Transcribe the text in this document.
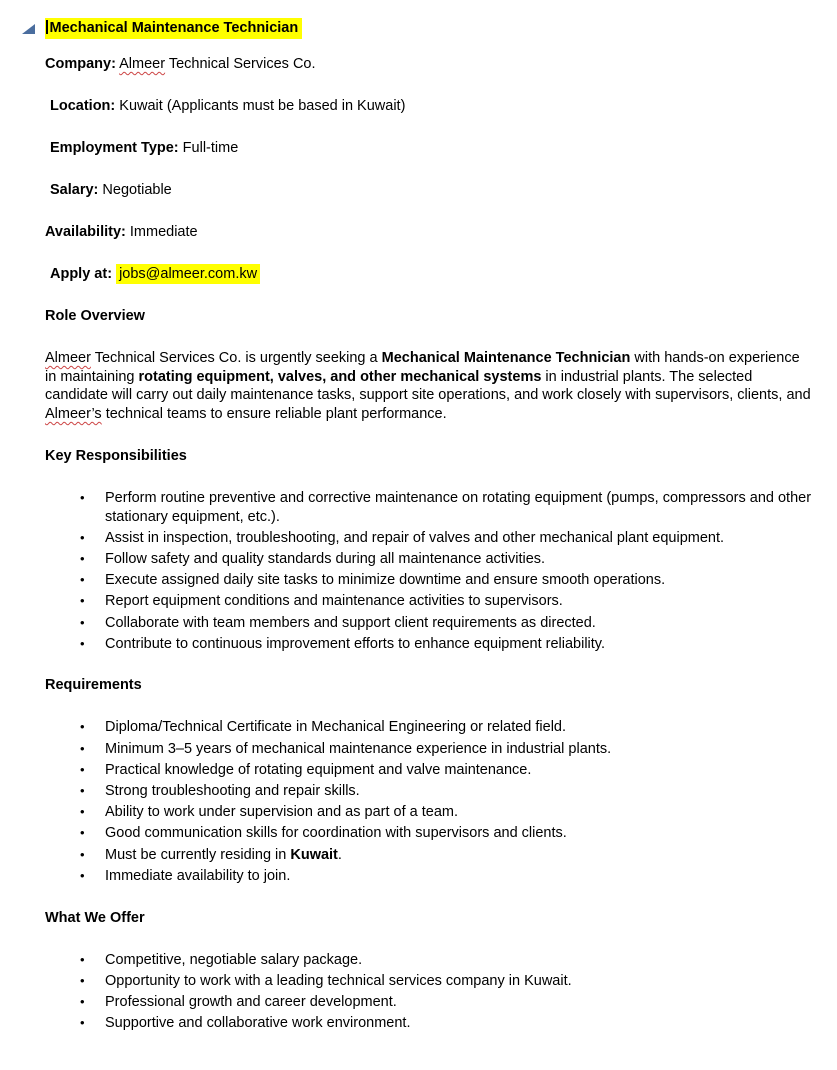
Mechanical Maintenance Technician
Company: Almeer Technical Services Co.
Location: Kuwait (Applicants must be based in Kuwait)
Employment Type: Full-time
Salary: Negotiable
Availability: Immediate
Apply at: jobs@almeer.com.kw
Role Overview
Almeer Technical Services Co. is urgently seeking a Mechanical Maintenance Technician with hands-on experience in maintaining rotating equipment, valves, and other mechanical systems in industrial plants. The selected candidate will carry out daily maintenance tasks, support site operations, and work closely with supervisors, clients, and Almeer’s technical teams to ensure reliable plant performance.
Key Responsibilities
•	Perform routine preventive and corrective maintenance on rotating equipment (pumps, compressors and other stationary equipment, etc.).
•	Assist in inspection, troubleshooting, and repair of valves and other mechanical plant equipment.
•	Follow safety and quality standards during all maintenance activities.
•	Execute assigned daily site tasks to minimize downtime and ensure smooth operations.
•	Report equipment conditions and maintenance activities to supervisors.
•	Collaborate with team members and support client requirements as directed.
•	Contribute to continuous improvement efforts to enhance equipment reliability.
Requirements
•	Diploma/Technical Certificate in Mechanical Engineering or related field.
•	Minimum 3–5 years of mechanical maintenance experience in industrial plants.
•	Practical knowledge of rotating equipment and valve maintenance.
•	Strong troubleshooting and repair skills.
•	Ability to work under supervision and as part of a team.
•	Good communication skills for coordination with supervisors and clients.
•	Must be currently residing in Kuwait.
•	Immediate availability to join.
What We Offer
•	Competitive, negotiable salary package.
•	Opportunity to work with a leading technical services company in Kuwait.
•	Professional growth and career development.
•	Supportive and collaborative work environment.
